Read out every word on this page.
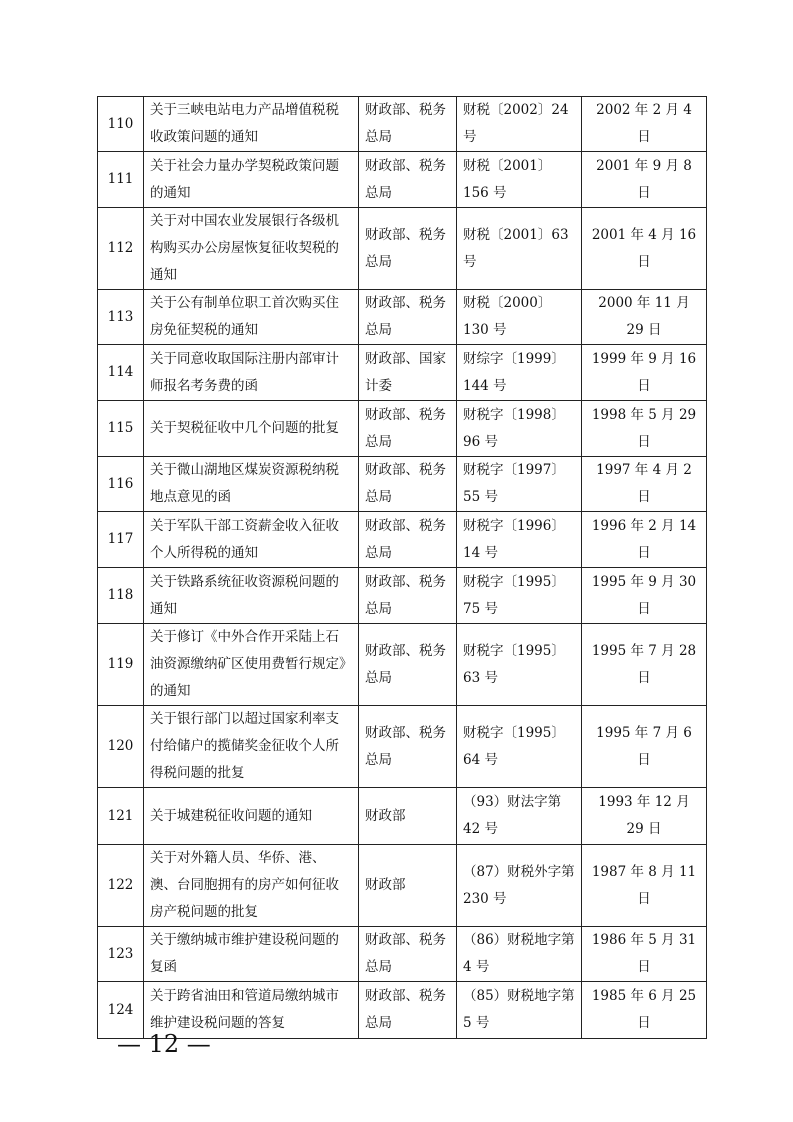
110	关于三峡电站电力产品增值税税收政策问题的通知	财政部、税务总局	财税〔2002〕24 号	2002 年 2 月 4 日
111	关于社会力量办学契税政策问题的通知	财政部、税务总局	财税〔2001〕156 号	2001 年 9 月 8 日
112	关于对中国农业发展银行各级机构购买办公房屋恢复征收契税的通知	财政部、税务总局	财税〔2001〕63 号	2001 年 4 月 16 日
113	关于公有制单位职工首次购买住房免征契税的通知	财政部、税务总局	财税〔2000〕130 号	2000 年 11 月 29 日
114	关于同意收取国际注册内部审计师报名考务费的函	财政部、国家计委	财综字〔1999〕144 号	1999 年 9 月 16 日
115	关于契税征收中几个问题的批复	财政部、税务总局	财税字〔1998〕96 号	1998 年 5 月 29 日
116	关于微山湖地区煤炭资源税纳税地点意见的函	财政部、税务总局	财税字〔1997〕55 号	1997 年 4 月 2 日
117	关于军队干部工资薪金收入征收个人所得税的通知	财政部、税务总局	财税字〔1996〕14 号	1996 年 2 月 14 日
118	关于铁路系统征收资源税问题的通知	财政部、税务总局	财税字〔1995〕75 号	1995 年 9 月 30 日
119	关于修订《中外合作开采陆上石油资源缴纳矿区使用费暂行规定》的通知	财政部、税务总局	财税字〔1995〕63 号	1995 年 7 月 28 日
120	关于银行部门以超过国家利率支付给储户的揽储奖金征收个人所得税问题的批复	财政部、税务总局	财税字〔1995〕64 号	1995 年 7 月 6 日
121	关于城建税征收问题的通知	财政部	（93）财法字第 42 号	1993 年 12 月 29 日
122	关于对外籍人员、华侨、港、澳、台同胞拥有的房产如何征收房产税问题的批复	财政部	（87）财税外字第 230 号	1987 年 8 月 11 日
123	关于缴纳城市维护建设税问题的复函	财政部、税务总局	（86）财税地字第 4 号	1986 年 5 月 31 日
124	关于跨省油田和管道局缴纳城市维护建设税问题的答复	财政部、税务总局	（85）财税地字第 5 号	1985 年 6 月 25 日
— 12 —
